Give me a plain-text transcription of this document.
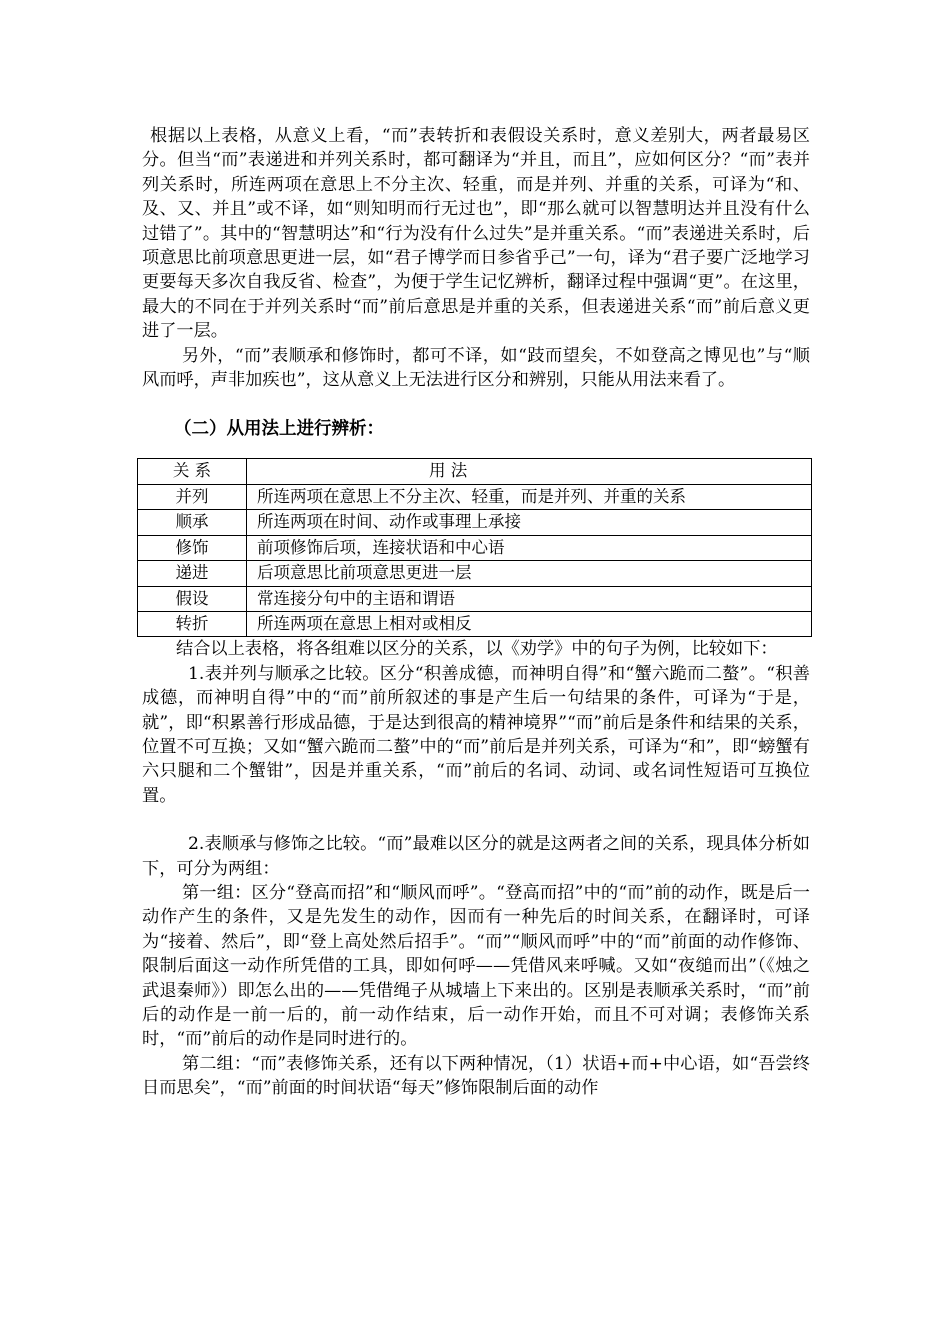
根据以上表格，从意义上看，“而”表转折和表假设关系时，意义差别大，两者最易区分。但当“而”表递进和并列关系时，都可翻译为“并且，而且”，应如何区分？“而”表并列关系时，所连两项在意思上不分主次、轻重，而是并列、并重的关系，可译为“和、及、又、并且”或不译，如“则知明而行无过也”，即“那么就可以智慧明达并且没有什么过错了”。其中的“智慧明达”和“行为没有什么过失”是并重关系。“而”表递进关系时，后项意思比前项意思更进一层，如“君子博学而日参省乎己”一句，译为“君子要广泛地学习更要每天多次自我反省、检查”，为便于学生记忆辨析，翻译过程中强调“更”。在这里，最大的不同在于并列关系时“而”前后意思是并重的关系，但表递进关系“而”前后意义更进了一层。

另外，“而”表顺承和修饰时，都可不译，如“跂而望矣，不如登高之博见也”与“顺风而呼，声非加疾也”，这从意义上无法进行区分和辨别，只能从用法来看了。

（二）从用法上进行辨析：

关 系	用 法
并列	所连两项在意思上不分主次、轻重，而是并列、并重的关系
顺承	所连两项在时间、动作或事理上承接
修饰	前项修饰后项，连接状语和中心语
递进	后项意思比前项意思更进一层
假设	常连接分句中的主语和谓语
转折	所连两项在意思上相对或相反

结合以上表格，将各组难以区分的关系，以《劝学》中的句子为例，比较如下：

1.表并列与顺承之比较。区分“积善成德，而神明自得”和“蟹六跪而二螯”。“积善成德，而神明自得”中的“而”前所叙述的事是产生后一句结果的条件，可译为“于是，就”，即“积累善行形成品德，于是达到很高的精神境界”“而”前后是条件和结果的关系，位置不可互换；又如“蟹六跪而二螯”中的“而”前后是并列关系，可译为“和”，即“螃蟹有六只腿和二个蟹钳”，因是并重关系，“而”前后的名词、动词、或名词性短语可互换位置。

2.表顺承与修饰之比较。“而”最难以区分的就是这两者之间的关系，现具体分析如下，可分为两组：

第一组：区分“登高而招”和“顺风而呼”。“登高而招”中的“而”前的动作，既是后一动作产生的条件，又是先发生的动作，因而有一种先后的时间关系，在翻译时，可译为“接着、然后”，即“登上高处然后招手”。“而”“顺风而呼”中的“而”前面的动作修饰、限制后面这一动作所凭借的工具，即如何呼——凭借风来呼喊。又如“夜缒而出”（《烛之武退秦师》）即怎么出的——凭借绳子从城墙上下来出的。区别是表顺承关系时，“而”前后的动作是一前一后的，前一动作结束，后一动作开始，而且不可对调；表修饰关系时，“而”前后的动作是同时进行的。

第二组：“而”表修饰关系，还有以下两种情况，（1）状语+而+中心语，如“吾尝终日而思矣”，“而”前面的时间状语“每天”修饰限制后面的动作
